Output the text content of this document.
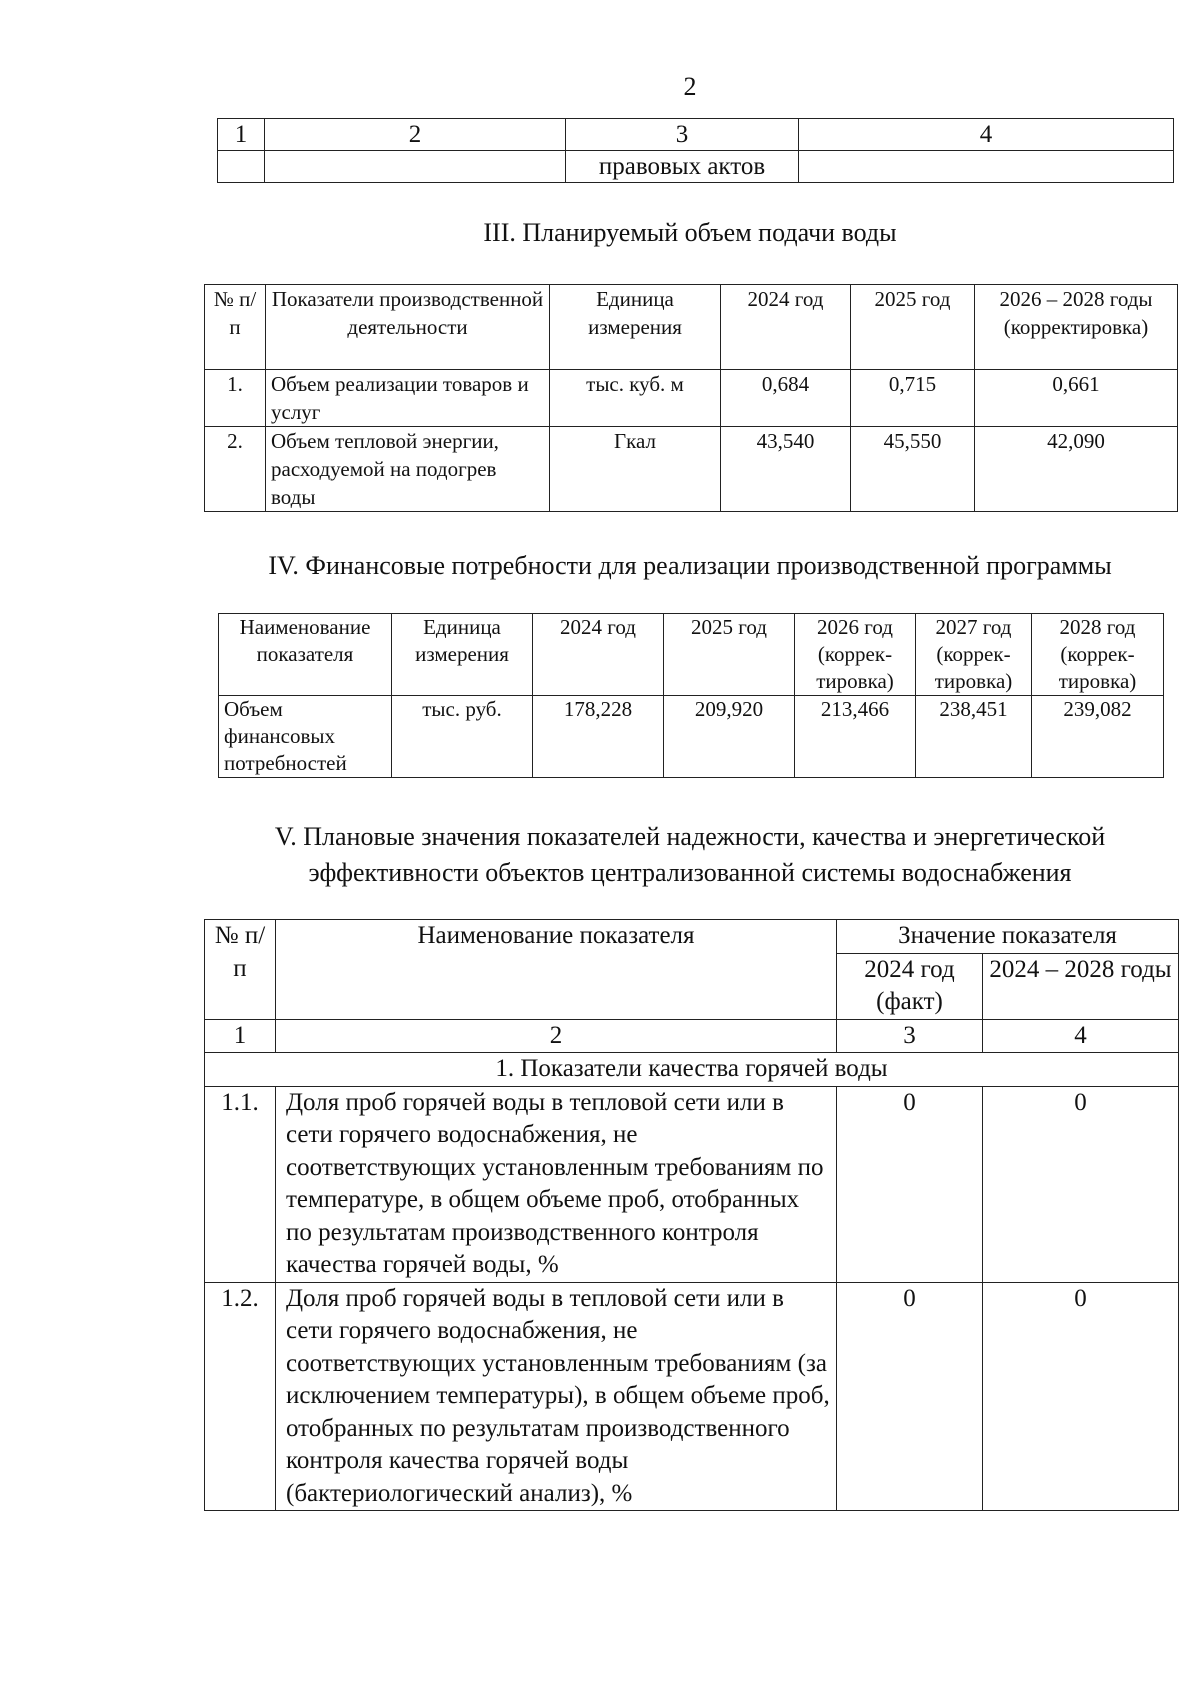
2
1	2	3	4
		правовых актов	
III. Планируемый объем подачи воды
№ п/п	Показатели производственной деятельности	Единица измерения	2024 год	2025 год	2026 – 2028 годы (корректировка)
1.	Объем реализации товаров и услуг	тыс. куб. м	0,684	0,715	0,661
2.	Объем тепловой энергии, расходуемой на подогрев воды	Гкал	43,540	45,550	42,090
IV. Финансовые потребности для реализации производственной программы
Наименование показателя	Единица измерения	2024 год	2025 год	2026 год (коррек-тировка)	2027 год (коррек-тировка)	2028 год (коррек-тировка)
Объем финансовых потребностей	тыс. руб.	178,228	209,920	213,466	238,451	239,082
V. Плановые значения показателей надежности, качества и энергетической эффективности объектов централизованной системы водоснабжения
№ п/п	Наименование показателя	Значение показателя	
		2024 год (факт)	2024 – 2028 годы
1	2	3	4
1. Показатели качества горячей воды			
1.1.	Доля проб горячей воды в тепловой сети или в сети горячего водоснабжения, не соответствующих установленным требованиям по температуре, в общем объеме проб, отобранных по результатам производственного контроля качества горячей воды, %	0	0
1.2.	Доля проб горячей воды в тепловой сети или в сети горячего водоснабжения, не соответствующих установленным требованиям (за исключением температуры), в общем объеме проб, отобранных по результатам производственного контроля качества горячей воды (бактериологический анализ), %	0	0
